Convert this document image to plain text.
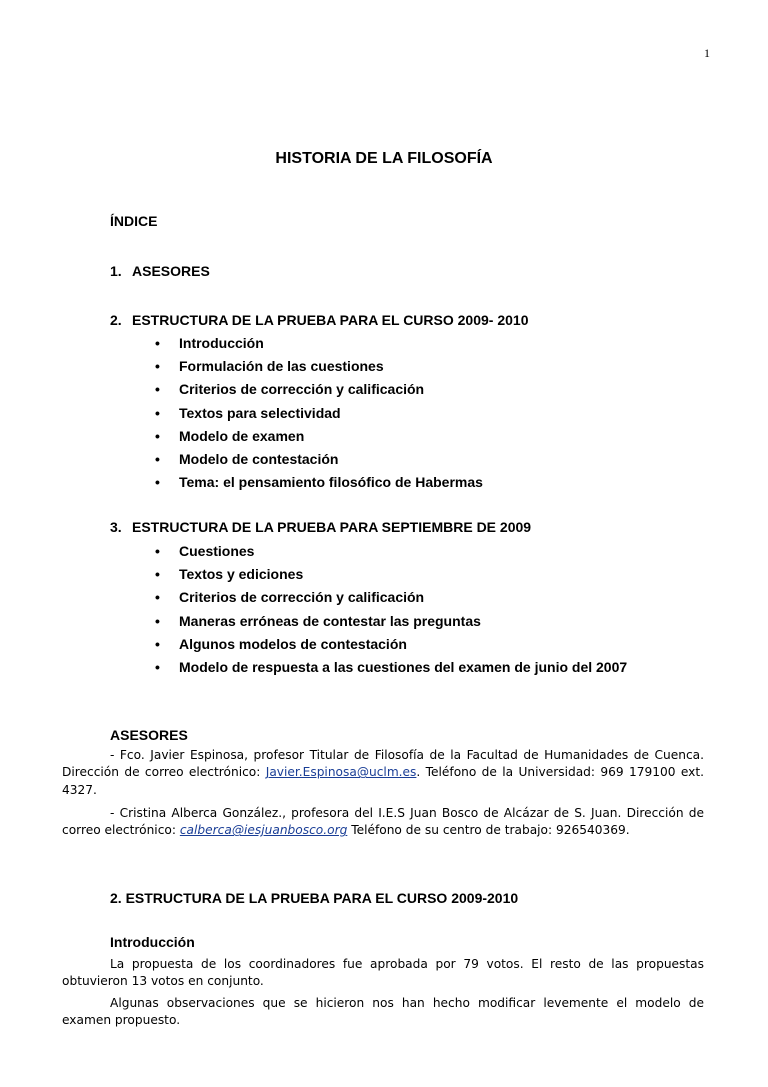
1
HISTORIA DE LA FILOSOFÍA
ÍNDICE
1. ASESORES
2. ESTRUCTURA DE LA PRUEBA PARA EL CURSO 2009- 2010
• Introducción
• Formulación de las cuestiones
• Criterios de corrección y calificación
• Textos para selectividad
• Modelo de examen
• Modelo de contestación
• Tema: el pensamiento filosófico de Habermas
3. ESTRUCTURA DE LA PRUEBA PARA SEPTIEMBRE DE 2009
• Cuestiones
• Textos y ediciones
• Criterios de corrección y calificación
• Maneras erróneas de contestar las preguntas
• Algunos modelos de contestación
• Modelo de respuesta a las cuestiones del examen de junio del 2007
ASESORES
- Fco. Javier Espinosa, profesor Titular de Filosofía de la Facultad de Humanidades de Cuenca. Dirección de correo electrónico: Javier.Espinosa@uclm.es. Teléfono de la Universidad: 969 179100 ext. 4327.
- Cristina Alberca González., profesora del I.E.S Juan Bosco de Alcázar de S. Juan. Dirección de correo electrónico: calberca@iesjuanbosco.org Teléfono de su centro de trabajo: 926540369.
2. ESTRUCTURA DE LA PRUEBA PARA EL CURSO 2009-2010
Introducción
La propuesta de los coordinadores fue aprobada por 79 votos. El resto de las propuestas obtuvieron 13 votos en conjunto.
Algunas observaciones que se hicieron nos han hecho modificar levemente el modelo de examen propuesto.
